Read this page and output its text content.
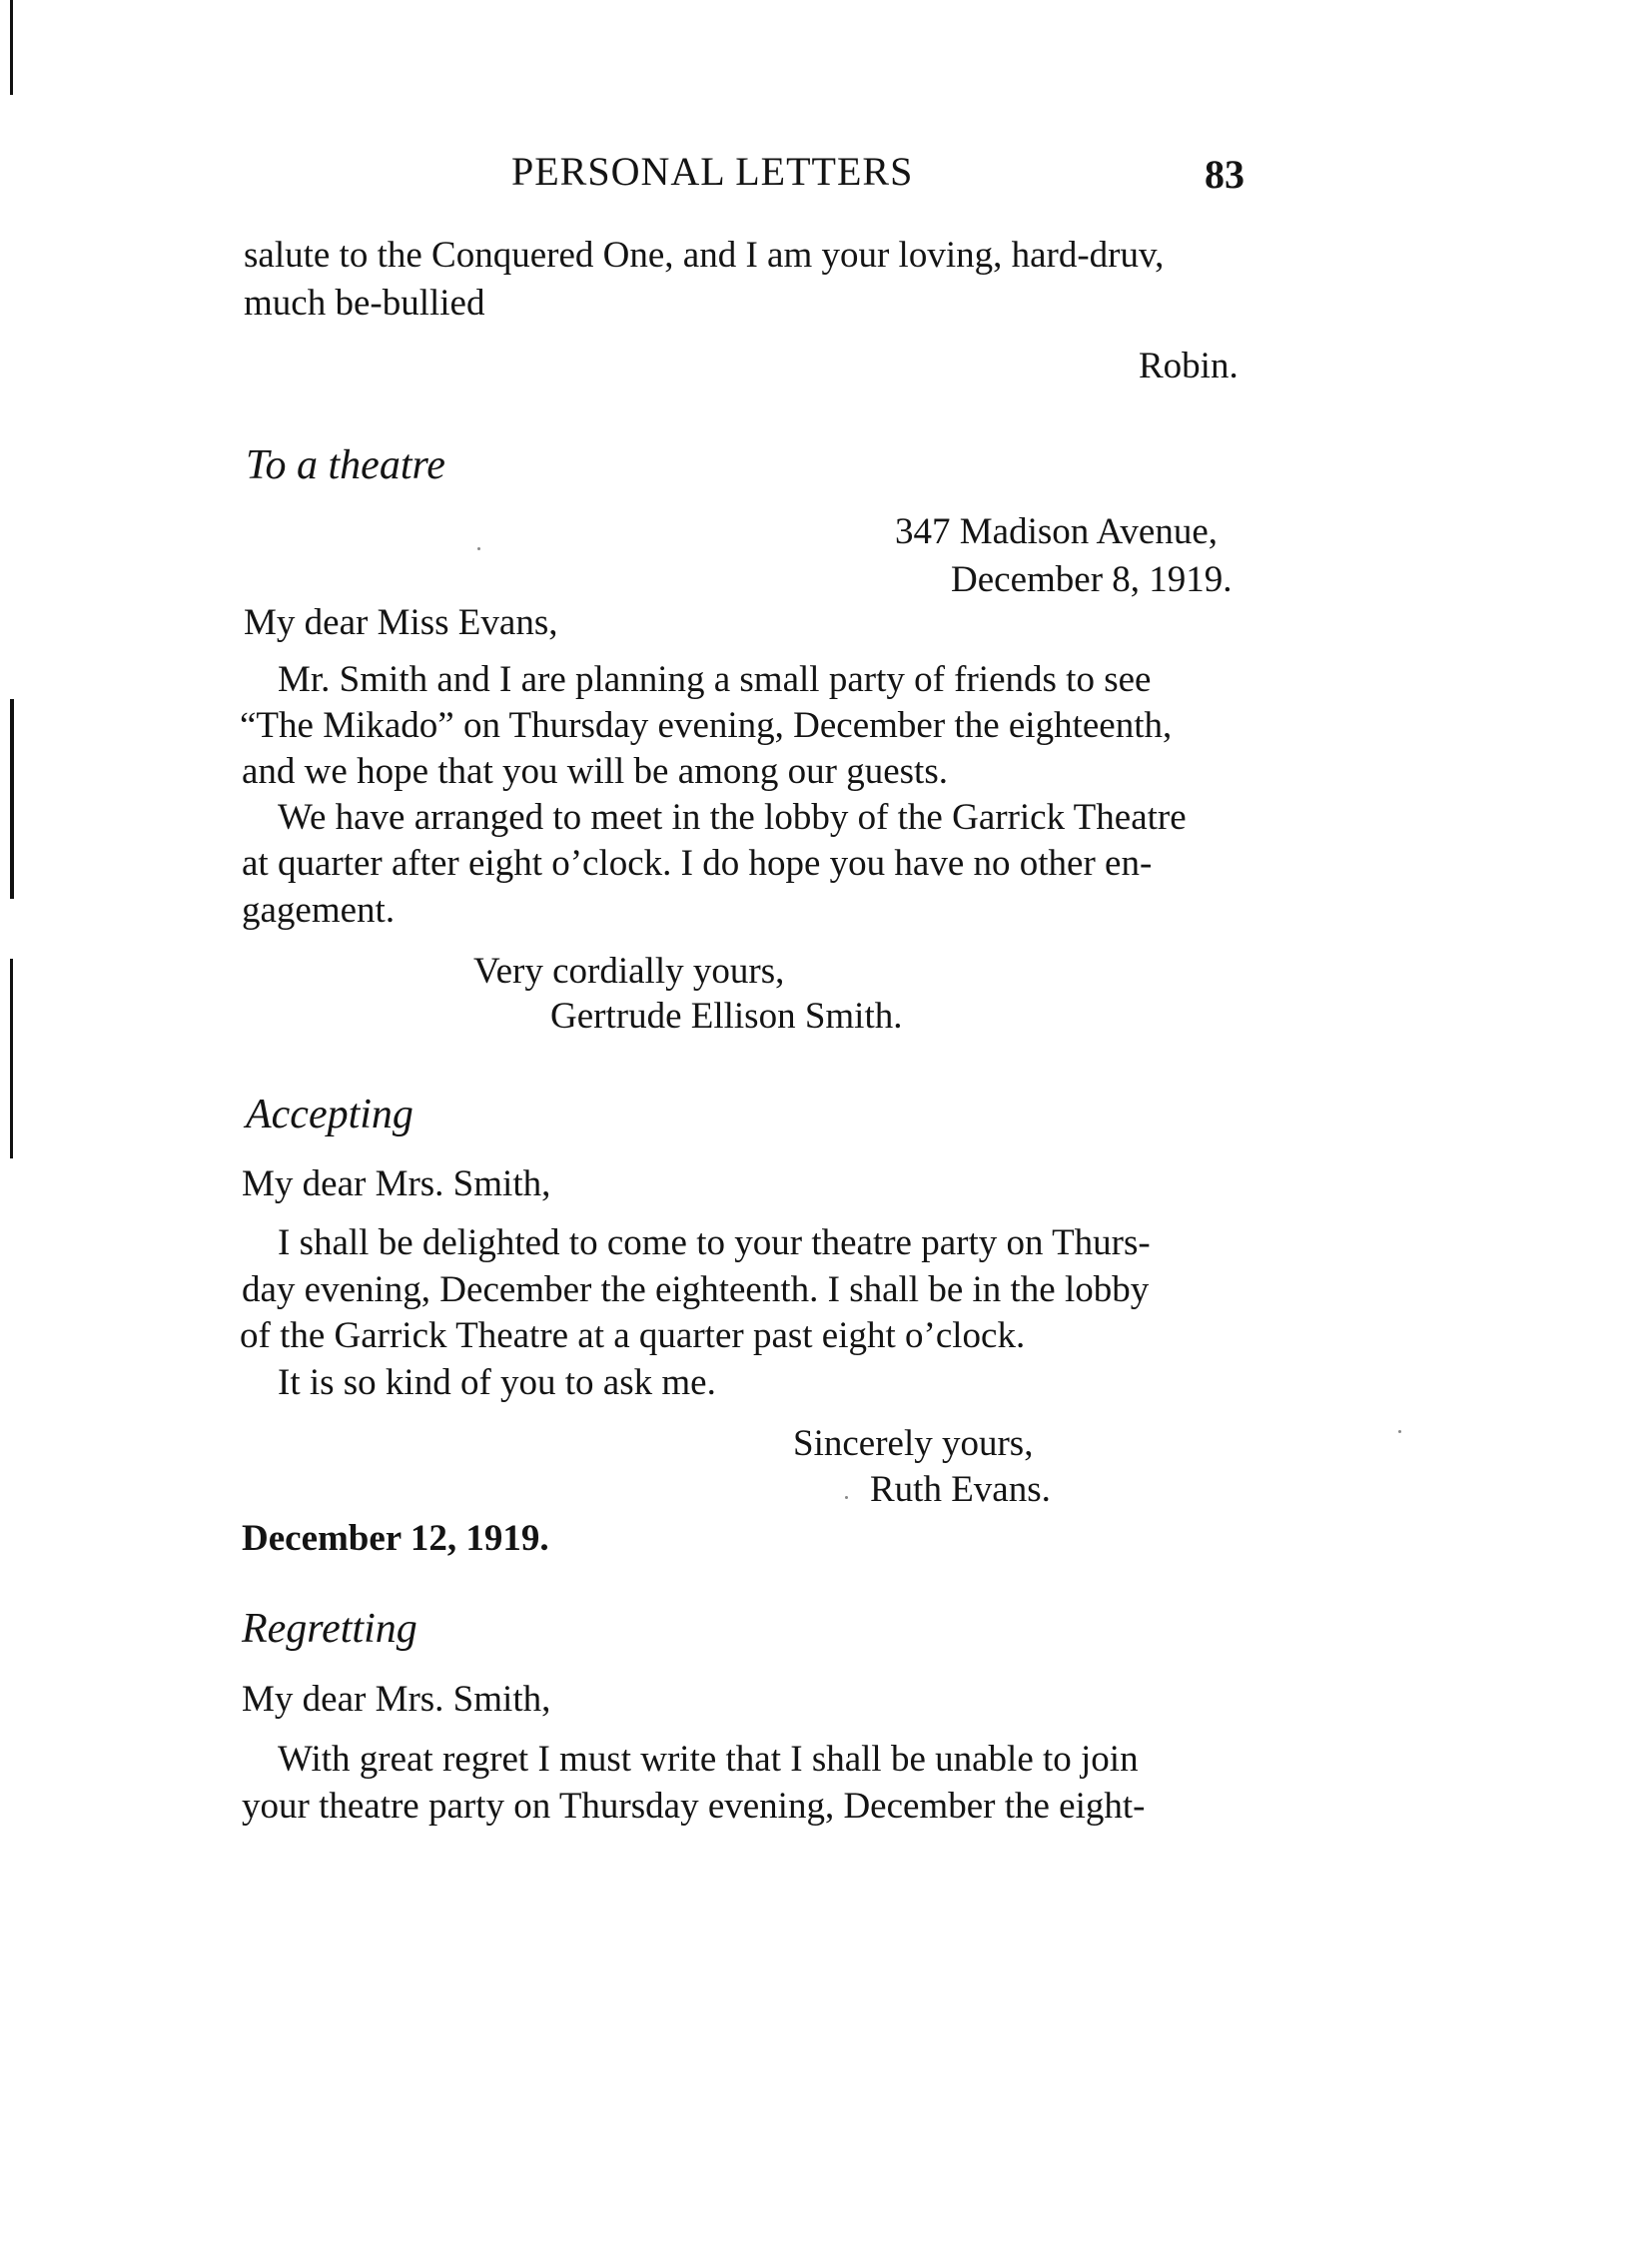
PERSONAL LETTERS	83
salute to the Conquered One, and I am your loving, hard-druv,
much be-bullied
Robin.
To a theatre
347 Madison Avenue,
December 8, 1919.
My dear Miss Evans,
Mr. Smith and I are planning a small party of friends to see
“The Mikado” on Thursday evening, December the eighteenth,
and we hope that you will be among our guests.
We have arranged to meet in the lobby of the Garrick Theatre
at quarter after eight o’clock. I do hope you have no other en-
gagement.
Very cordially yours,
Gertrude Ellison Smith.
Accepting
My dear Mrs. Smith,
I shall be delighted to come to your theatre party on Thurs-
day evening, December the eighteenth. I shall be in the lobby
of the Garrick Theatre at a quarter past eight o’clock.
It is so kind of you to ask me.
Sincerely yours,
Ruth Evans.
December 12, 1919.
Regretting
My dear Mrs. Smith,
With great regret I must write that I shall be unable to join
your theatre party on Thursday evening, December the eight-
